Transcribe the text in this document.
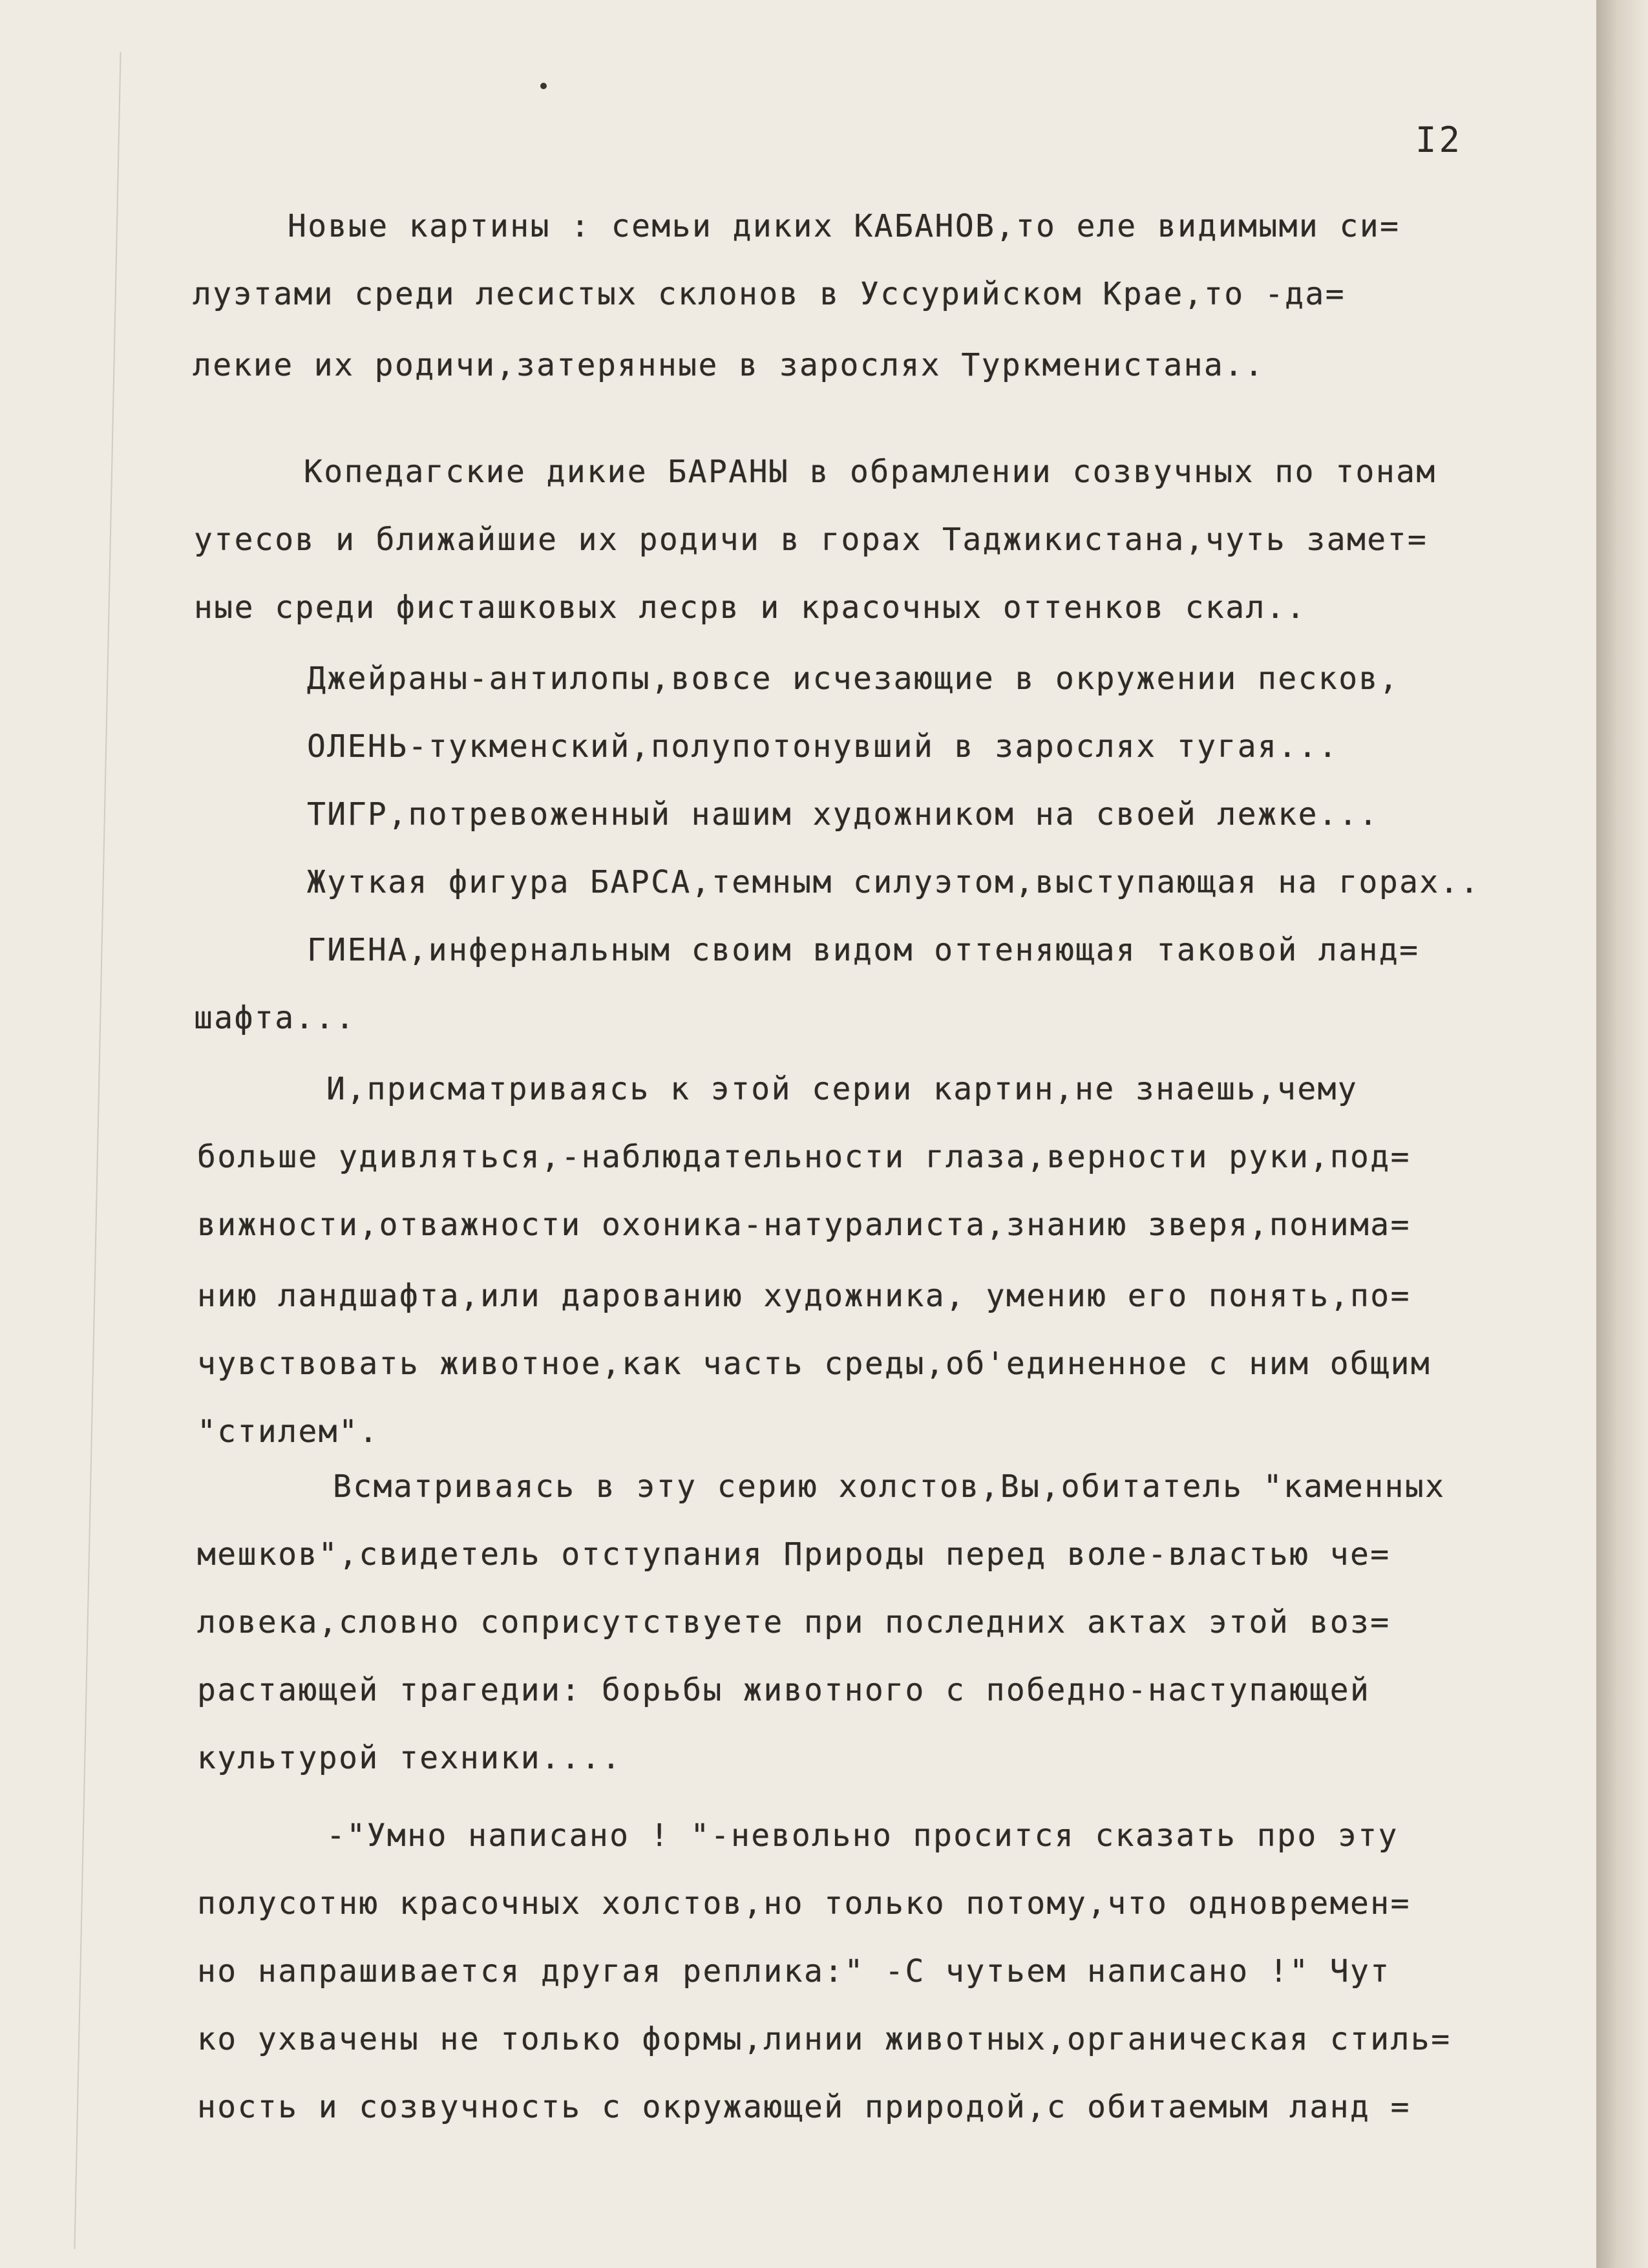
I2
Новые картины : семьи диких КАБАНОВ,то еле видимыми си=
луэтами среди лесистых склонов в Уссурийском Крае,то -да=
лекие их родичи,затерянные в зарослях Туркменистана..
Копедагские дикие БАРАНЫ в обрамлении созвучных по тонам
утесов и ближайшие их родичи в горах Таджикистана,чуть замет=
ные среди фисташковых лесрв и красочных оттенков скал..
Джейраны-антилопы,вовсе исчезающие в окружении песков,
ОЛЕНЬ-тукменский,полупотонувший в зарослях тугая...
ТИГР,потревоженный нашим художником на своей лежке...
Жуткая фигура БАРСА,темным силуэтом,выступающая на горах..
ГИЕНА,инфернальным своим видом оттеняющая таковой ланд=
шафта...
И,присматриваясь к этой серии картин,не знаешь,чему
больше удивляться,-наблюдательности глаза,верности руки,под=
вижности,отважности охоника-натуралиста,знанию зверя,понима=
нию ландшафта,или дарованию художника, умению его понять,по=
чувствовать животное,как часть среды,об'единенное с ним общим
"стилем".
Всматриваясь в эту серию холстов,Вы,обитатель "каменных
мешков",свидетель отступания Природы перед воле-властью че=
ловека,словно соприсутствуете при последних актах этой воз=
растающей трагедии: борьбы животного с победно-наступающей
культурой техники....
-"Умно написано ! "-невольно просится сказать про эту
полусотню красочных холстов,но только потому,что одновремен=
но напрашивается другая реплика:" -С чутьем написано !" Чут
ко ухвачены не только формы,линии животных,органическая стиль=
ность и созвучность с окружающей природой,с обитаемым ланд =
